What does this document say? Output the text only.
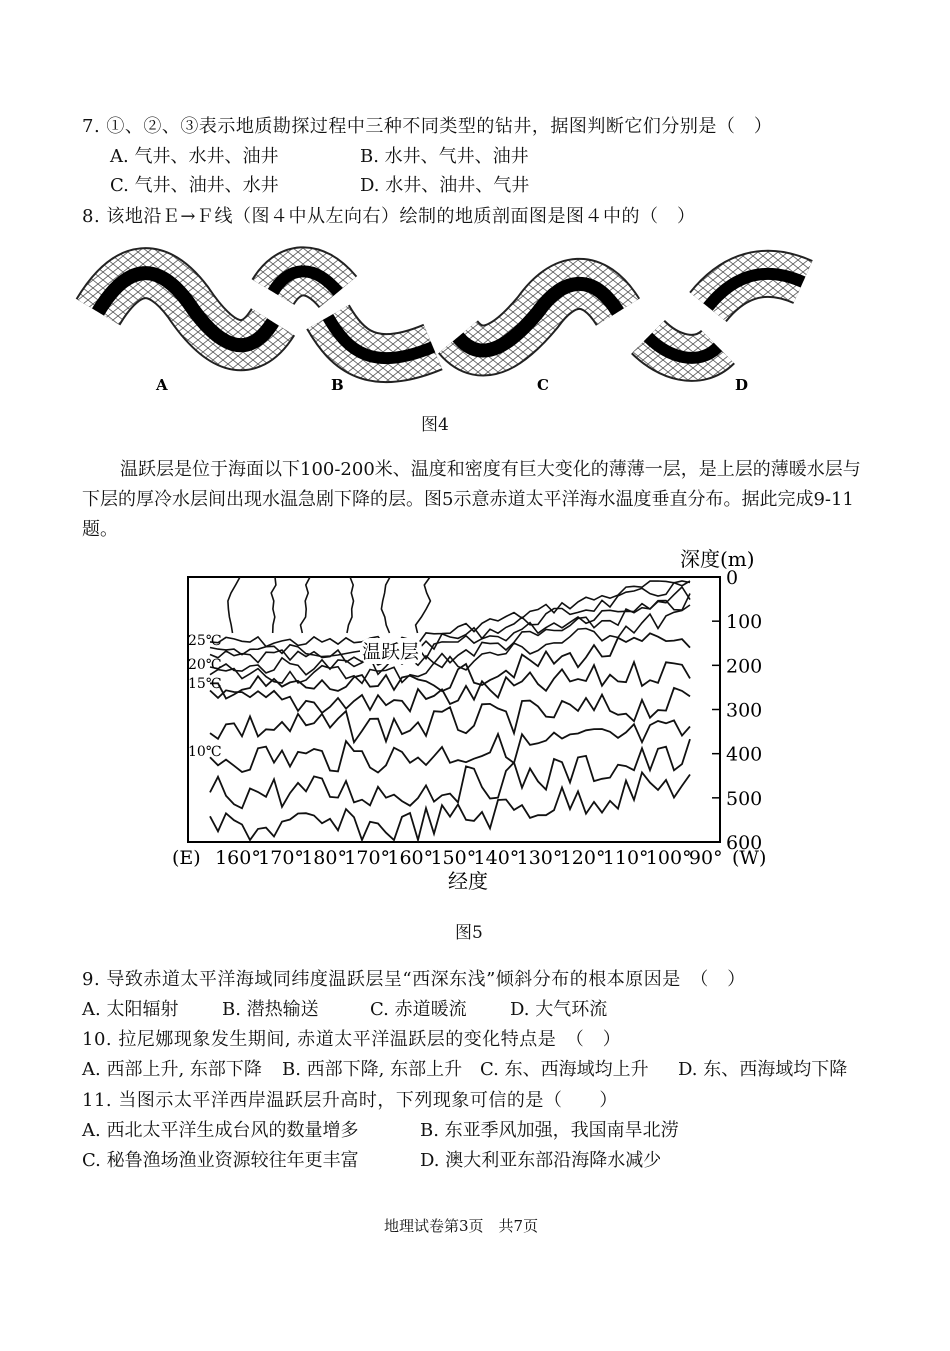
7. ①、②、③表示地质勘探过程中三种不同类型的钻井，据图判断它们分别是（　）
A. 气井、水井、油井	B. 水井、气井、油井
C. 气井、油井、水井	D. 水井、油井、气井
8. 该地沿Ｅ→Ｆ线（图４中从左向右）绘制的地质剖面图是图４中的（　）
A	B	C	D
图4
温跃层是位于海面以下100-200米、温度和密度有巨大变化的薄薄一层，是上层的薄暖水层与下层的厚冷水层间出现水温急剧下降的层。图5示意赤道太平洋海水温度垂直分布。据此完成9-11题。
0
100
200
300
400
500
600
(E) 160°
170°
180°
170°
160°
150°
140°
130°
120°
110°
100°
90° (W)
深度(m)
经度
温跃层
25℃
20℃
15℃
10℃
图5
9. 导致赤道太平洋海域同纬度温跃层呈“西深东浅”倾斜分布的根本原因是　（　）
A. 太阳辐射 B. 潜热输送	C. 赤道暖流 D. 大气环流
10. 拉尼娜现象发生期间, 赤道太平洋温跃层的变化特点是　（　）
A. 西部上升, 东部下降 B. 西部下降, 东部上升 C. 东、西海域均上升 D. 东、西海域均下降
11. 当图示太平洋西岸温跃层升高时，下列现象可信的是（　　）
A. 西北太平洋生成台风的数量增多	B. 东亚季风加强，我国南旱北涝
C. 秘鲁渔场渔业资源较往年更丰富	D. 澳大利亚东部沿海降水减少
地理试卷第3页　共7页
